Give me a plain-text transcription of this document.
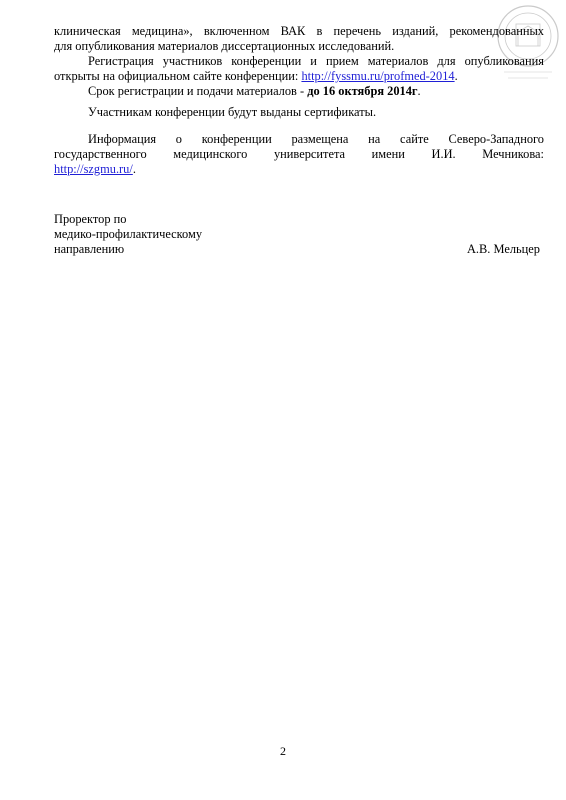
клиническая медицина», включенном ВАК в перечень изданий, рекомендованных
для опубликования материалов диссертационных исследований.
Регистрация участников конференции и прием материалов для опубликования
открыты на официальном сайте конференции: http://fyssmu.ru/profmed-2014.
Срок регистрации и подачи материалов - до 16 октября 2014г.
Участникам конференции будут выданы сертификаты.
Информация о конференции размещена на сайте Северо-Западного
государственного медицинского университета имени И.И. Мечникова:
http://szgmu.ru/.
Проректор по
медико-профилактическому
направлению	А.В. Мельцер
2
